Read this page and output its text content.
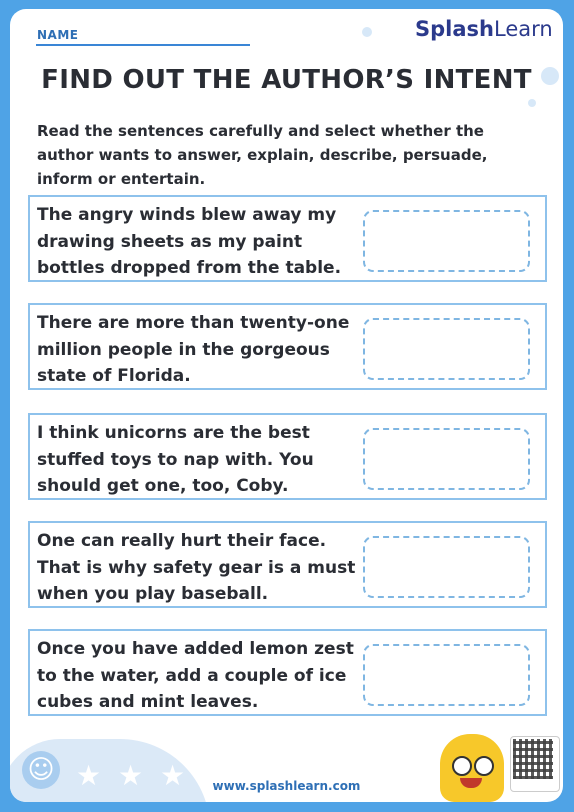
NAME	SplashLearn
FIND OUT THE AUTHOR’S INTENT
Read the sentences carefully and select whether the author wants to answer, explain, describe, persuade, inform or entertain.
The angry winds blew away my drawing sheets as my paint bottles dropped from the table.
There are more than twenty-one million people in the gorgeous state of Florida.
I think unicorns are the best stuffed toys to nap with. You should get one, too, Coby.
One can really hurt their face. That is why safety gear is a must when you play baseball.
Once you have added lemon zest to the water, add a couple of ice cubes and mint leaves.
☺ ★ ★ ★	www.splashlearn.com
